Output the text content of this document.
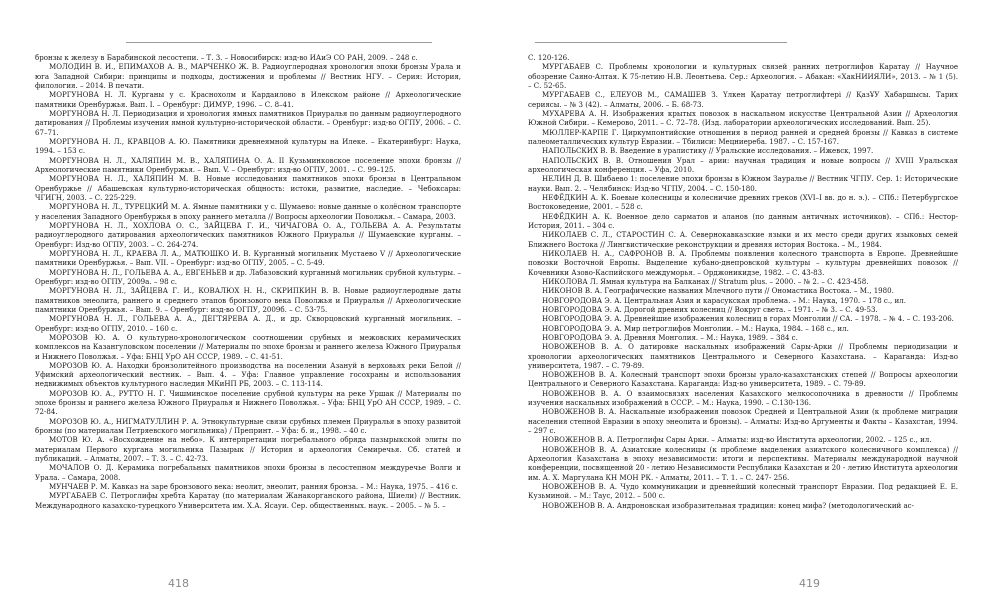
бронзы к железу в Барабинской лесостепи. – Т. 3. – Новосибирск: изд-во ИАиЭ СО РАН, 2009. – 248 с.

МОЛОДИН В. И., ЕПИМАХОВ А. В., МАРЧЕНКО Ж. В. Радиоуглеродная хронология эпохи бронзы Урала и юга Западной Сибири: принципы и подходы, достижения и проблемы // Вестник НГУ. – Серия: История, филология. – 2014. В печати.

МОРГУНОВА Н. Л. Курганы у с. Краснохолм и Кардаилово в Илекском районе // Археологические памятники Оренбуржья. Вып. I. – Оренбург: ДИМУР, 1996. – С. 8–41.

МОРГУНОВА Н. Л. Периодизация и хронология ямных памятников Приуралья по данным радиоуглеродного датирования // Проблемы изучения ямной культурно-исторической области. – Оренбург: изд-во ОГПУ, 2006. – С. 67–71.

МОРГУНОВА Н. Л., КРАВЦОВ А. Ю. Памятники древнеямной культуры на Илеке. – Екатеринбург: Наука, 1994. – 153 с.

МОРГУНОВА Н. Л., ХАЛЯПИН М. В., ХАЛЯПИНА О. А. II Кузьминковское поселение эпохи бронзы // Археологические памятники Оренбуржья. – Вып. V. – Оренбург: изд-во ОГПУ, 2001. – С. 99–125.

МОРГУНОВА Н. Л., ХАЛЯПИН М. В. Новые исследования памятников эпохи бронзы в Центральном Оренбуржье // Абашевская культурно-историческая общность: истоки, развитие, наследие. – Чебоксары: ЧГИГН, 2003. – С. 225-229.

МОРГУНОВА Н. Л., ТУРЕЦКИЙ М. А. Ямные памятники у с. Шумаево: новые данные о колёсном транспорте у населения Западного Оренбуржья в эпоху раннего металла // Вопросы археологии Поволжья. – Самара, 2003.

МОРГУНОВА Н. Л., ХОХЛОВА О. С., ЗАЙЦЕВА Г. И., ЧИЧАГОВА О. А., ГОЛЬЕВА А. А. Результаты радиоуглеродного датирования археологических памятников Южного Приуралья // Шумаевские курганы. – Оренбург: Изд-во ОГПУ, 2003. – С. 264-274.

МОРГУНОВА Н. Л., КРАЕВА Л. А., МАТЮШКО И. В. Курганный могильник Мустаево V // Археологические памятники Оренбуржья. – Вып. VII. – Оренбург: изд-во ОГПУ, 2005. – С. 5-49.

МОРГУНОВА Н. Л., ГОЛЬЕВА А. А., ЕВГЕНЬЕВ и др. Лабазовский курганный могильник срубной культуры. – Оренбург: изд-во ОГПУ, 2009а. – 98 с.

МОРГУНОВА Н. Л., ЗАЙЦЕВА Г. И., КОВАЛЮХ Н. Н., СКРИПКИН В. В. Новые радиоуглеродные даты памятников энеолита, раннего и среднего этапов бронзового века Поволжья и Приуралья // Археологические памятники Оренбуржья. – Вып. 9. – Оренбург: изд-во ОГПУ, 2009б. – С. 53-75.

МОРГУНОВА Н. Л., ГОЛЬЕВА А. А., ДЕГТЯРЕВА А. Д., и др. Скворцовский курганный могильник. – Оренбург: изд-во ОГПУ, 2010. – 160 с.

МОРОЗОВ Ю. А. О культурно-хронологическом соотношении срубных и межовских керамических комплексов на Казангуловском поселении // Материалы по эпохе бронзы и раннего железа Южного Приуралья и Нижнего Поволжья. – Уфа: БНЦ УрО АН СССР, 1989. – С. 41-51.

МОРОЗОВ Ю. А. Находки бронзолитейного производства на поселении Азануй в верховьях реки Белой // Уфимский археологический вестник. – Вып. 4. – Уфа: Главное управление госохраны и использования недвижимых объектов культурного наследия МКиНП РБ, 2003. – С. 113-114.

МОРОЗОВ Ю. А., РУТТО Н. Г. Чишминское поселение срубной культуры на реке Уршак // Материалы по эпохе бронзы и раннего железа Южного Приуралья и Нижнего Поволжья. – Уфа: БНЦ УрО АН СССР, 1989. – С. 72-84.

МОРОЗОВ Ю. А., НИГМАТУЛЛИН Р. А. Этнокультурные связи срубных племен Приуралья в эпоху развитой бронзы (по материалам Петряевского могильника) / Препринт. – Уфа: б. и., 1998. – 40 с.

МОТОВ Ю. А. «Восхождение на небо». К интерпретации погребального обряда пазырыкской элиты по материалам Первого кургана могильника Пазырык // История и археология Семиречья. Сб. статей и публикаций. – Алматы, 2007. – Т. 3. – С. 42-73.

МОЧАЛОВ О. Д. Керамика погребальных памятников эпохи бронзы в лесостепном междуречье Волги и Урала. – Самара, 2008.

МУНЧАЕВ Р. М. Кавказ на заре бронзового века: неолит, энеолит, ранняя бронза. – М.: Наука, 1975. – 416 с.

МУРГАБАЕВ С. Петроглифы хребта Каратау (по материалам Жанакорганского района, Шиели) // Вестник. Международного казахско-турецкого Университета им. Х.А. Ясауи. Сер. общественных. наук. – 2005. – № 5. –

418

С. 120-126.

МУРГАБАЕВ С. Проблемы хронологии и культурных связей ранних петроглифов Каратау // Научное обозрение Саяно-Алтая. К 75-летию Н.В. Леонтьева. Сер.: Археология. – Абакан: «ХакНИИЯЛИ», 2013. – № 1 (5). – С. 52-65.

МУРГАБАЕВ С., ЕЛЕУОВ М., САМАШЕВ З. Үлкен Қаратау петроглифтері // ҚазҰУ Хабаршысы. Тарих сериясы. – № 3 (42). – Алматы, 2006. – Б. 68-73.

МУХАРЕВА А. Н. Изображения крытых повозок в наскальном искусстве Центральной Азии // Археология Южной Сибири. – Кемерово, 2011. – С. 72–78. (Изд. лаборатории археологических исследований. Вып. 25).

МЮЛЛЕР-КАРПЕ Г. Циркумпонтийские отношения в период ранней и средней бронзы // Кавказ в системе палеометаллических культур Евразии. – Тбилиси: Мецниереба. 1987. – С. 157-167.

НАПОЛЬСКИХ В. В. Введение в уралистику // Уральские исследования. – Ижевск, 1997.

НАПОЛЬСКИХ В. В. Отношения Урал – арии: научная традиция и новые вопросы // XVIII Уральская археологическая конференция. – Уфа, 2010.

НЕЛИН Д. В. Шибаево 1: поселение эпохи бронзы в Южном Зауралье // Вестник ЧГПУ. Сер. 1: Исторические науки. Вып. 2. – Челябинск: Изд-во ЧГПУ, 2004. – С. 150-180.

НЕФЁДКИН А. К. Боевые колесницы и колесничие древних греков (XVI–I вв. до н. э.). – СПб.: Петербургское Востоковедение, 2001. – 528 с.

НЕФЁДКИН А. К. Военное дело сарматов и аланов (по данным античных источников). – СПб.: Нестор-История, 2011. – 304 с.

НИКОЛАЕВ С. Л., СТАРОСТИН С. А. Севернокавказские языки и их место среди других языковых семей Ближнего Востока // Лингвистические реконструкции и древняя история Востока. – М., 1984.

НИКОЛАЕВ Н. А., САФРОНОВ В. А. Проблемы появления колесного транспорта в Европе. Древнейшие повозки Восточной Европы. Выделение кубано-днепровской культуры – культуры древнейших повозок // Кочевники Азово-Каспийского междуморья. – Орджоникидзе, 1982. – С. 43-83.

НИКОЛОВА Л. Ямная культура на Балканах // Stratum plus. – 2000. – № 2. – С. 423-458.

НИКОНОВ В. А. Географические названия Млечного пути // Ономастика Востока. – М., 1980.

НОВГОРОДОВА Э. А. Центральная Азия и карасукская проблема. – М.: Наука, 1970. – 178 с., ил.

НОВГОРОДОВА Э. А. Дорогой древних колесниц // Вокруг света. – 1971. – № 3. – С. 49-53.

НОВГОРОДОВА Э. А. Древнейшие изображения колесниц в горах Монголии // СА. – 1978. – № 4. – С. 193-206.

НОВГОРОДОВА Э. А. Мир петроглифов Монголии. – М.: Наука, 1984. – 168 с., ил.

НОВГОРОДОВА Э. А. Древняя Монголия. – М.: Наука, 1989. – 384 с.

НОВОЖЕНОВ В. А. О датировке наскальных изображений Сары-Арки // Проблемы периодизации и хронологии археологических памятников Центрального и Северного Казахстана. – Караганда: Изд-во университета, 1987. – С. 79-89.

НОВОЖЕНОВ В. А. Колесный транспорт эпохи бронзы урало-казахстанских степей // Вопросы археологии Центрального и Северного Казахстана. Караганда: Изд-во университета, 1989. – С. 79-89.

НОВОЖЕНОВ В. А. О взаимосвязях населения Казахского мелкосопочника в древности // Проблемы изучения наскальных изображений в СССР. – М.: Наука, 1990. – С.130-136.

НОВОЖЕНОВ В. А. Наскальные изображения повозок Средней и Центральной Азии (к проблеме миграции населения степной Евразии в эпоху энеолита и бронзы). – Алматы: Изд-во Аргументы и Факты – Казахстан, 1994. – 297 с.

НОВОЖЕНОВ В. А. Петроглифы Сары Арки. – Алматы: изд-во Института археологии, 2002. – 125 с., ил.

НОВОЖЕНОВ В. А. Азиатские колесницы (к проблеме выделения азиатского колесничного комплекса) // Археология Казахстана в эпоху независимости: итоги и перспективы. Материалы международной научной конференции, посвященной 20 - летию Независимости Республики Казахстан и 20 - летию Института археологии им. А. Х. Маргулана КН МОН РК. - Алматы, 2011. – Т. 1. – С. 247- 256.

НОВОЖЕНОВ В. А. Чудо коммуникации и древнейший колесный транспорт Евразии. Под редакцией Е. Е. Кузьминой. – М.: Таус, 2012. – 500 с.

НОВОЖЕНОВ В. А. Андроновская изобразительная традиция: конец мифа? (методологический ас-

419
